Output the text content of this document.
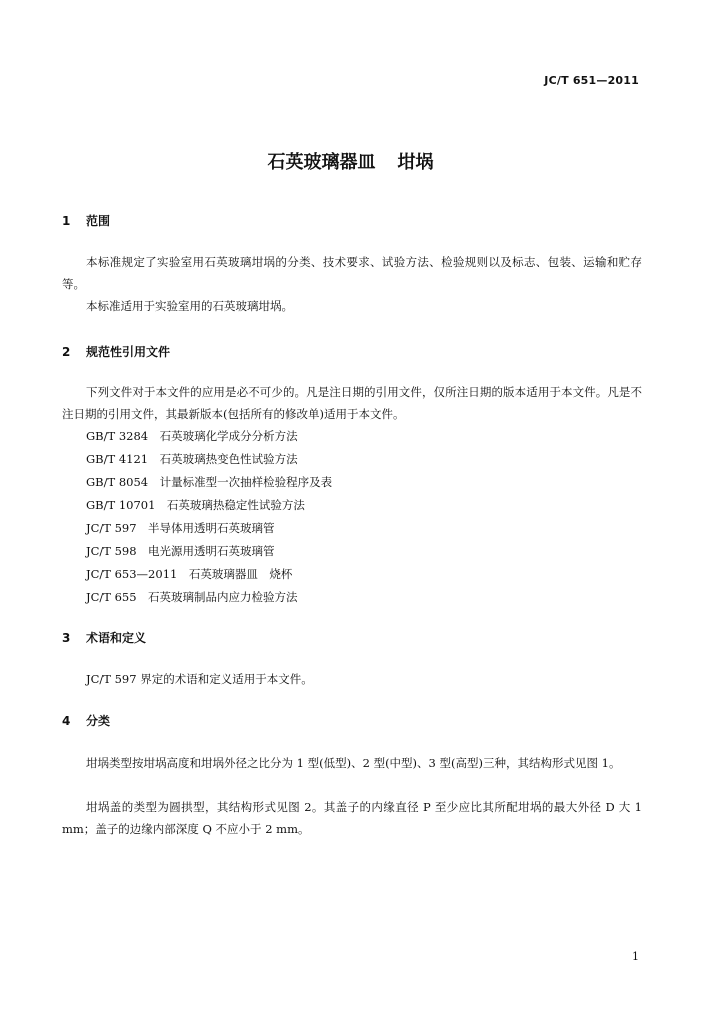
JC/T 651—2011
石英玻璃器皿 坩埚
1 范围
本标准规定了实验室用石英玻璃坩埚的分类、技术要求、试验方法、检验规则以及标志、包装、运输和贮存等。
本标准适用于实验室用的石英玻璃坩埚。
2 规范性引用文件
下列文件对于本文件的应用是必不可少的。凡是注日期的引用文件，仅所注日期的版本适用于本文件。凡是不注日期的引用文件，其最新版本(包括所有的修改单)适用于本文件。
GB/T 3284　石英玻璃化学成分分析方法
GB/T 4121　石英玻璃热变色性试验方法
GB/T 8054　计量标准型一次抽样检验程序及表
GB/T 10701　石英玻璃热稳定性试验方法
JC/T 597　半导体用透明石英玻璃管
JC/T 598　电光源用透明石英玻璃管
JC/T 653—2011　石英玻璃器皿　烧杯
JC/T 655　石英玻璃制品内应力检验方法
3 术语和定义
JC/T 597 界定的术语和定义适用于本文件。
4 分类
坩埚类型按坩埚高度和坩埚外径之比分为 1 型(低型)、2 型(中型)、3 型(高型)三种，其结构形式见图 1。
坩埚盖的类型为圆拱型，其结构形式见图 2。其盖子的内缘直径 P 至少应比其所配坩埚的最大外径 D 大 1 mm；盖子的边缘内部深度 Q 不应小于 2 mm。
1
